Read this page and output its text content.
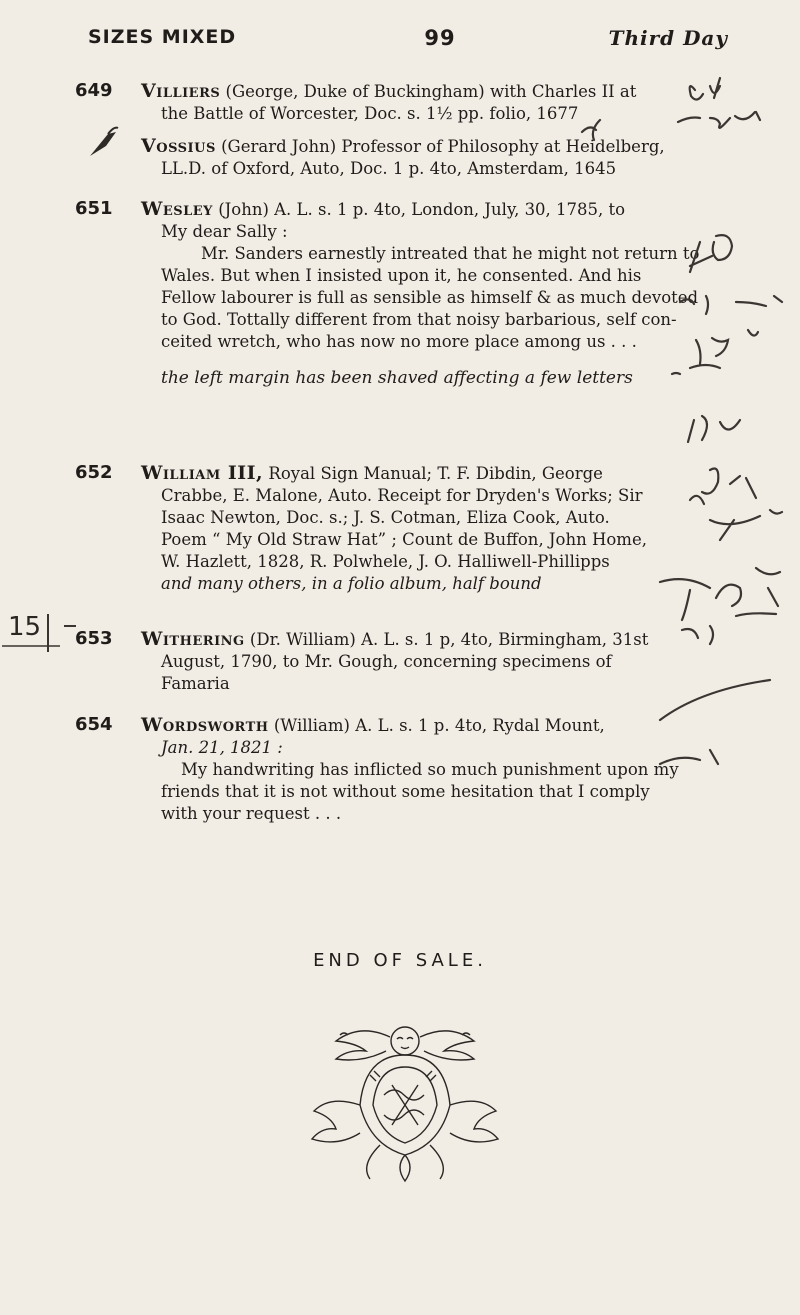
SIZES MIXED	99	Third Day
649	Villiers (George, Duke of Buckingham) with Charles II at
the Battle of Worcester, Doc. s. 1½ pp. folio, 1677
Vossius (Gerard John) Professor of Philosophy at Heidelberg,
LL.D. of Oxford, Auto, Doc. 1 p. 4to, Amsterdam, 1645
651	Wesley (John) A. L. s. 1 p. 4to, London, July, 30, 1785, to
My dear Sally :
Mr. Sanders earnestly intreated that he might not return to
Wales. But when I insisted upon it, he consented. And his
Fellow labourer is full as sensible as himself & as much devoted
to God. Tottally different from that noisy barbarious, self con-
ceited wretch, who has now no more place among us . . .
the left margin has been shaved affecting a few letters
652	William III, Royal Sign Manual; T. F. Dibdin, George
Crabbe, E. Malone, Auto. Receipt for Dryden's Works; Sir
Isaac Newton, Doc. s.; J. S. Cotman, Eliza Cook, Auto.
Poem “ My Old Straw Hat” ; Count de Buffon, John Home,
W. Hazlett, 1828, R. Polwhele, J. O. Halliwell-Phillipps
and many others, in a folio album, half bound
653	Withering (Dr. William) A. L. s. 1 p, 4to, Birmingham, 31st
August, 1790, to Mr. Gough, concerning specimens of
Famaria
654	Wordsworth (William) A. L. s. 1 p. 4to, Rydal Mount,
Jan. 21, 1821 :
My handwriting has inflicted so much punishment upon my
friends that it is not without some hesitation that I comply
with your request . . .
15
END OF SALE.
